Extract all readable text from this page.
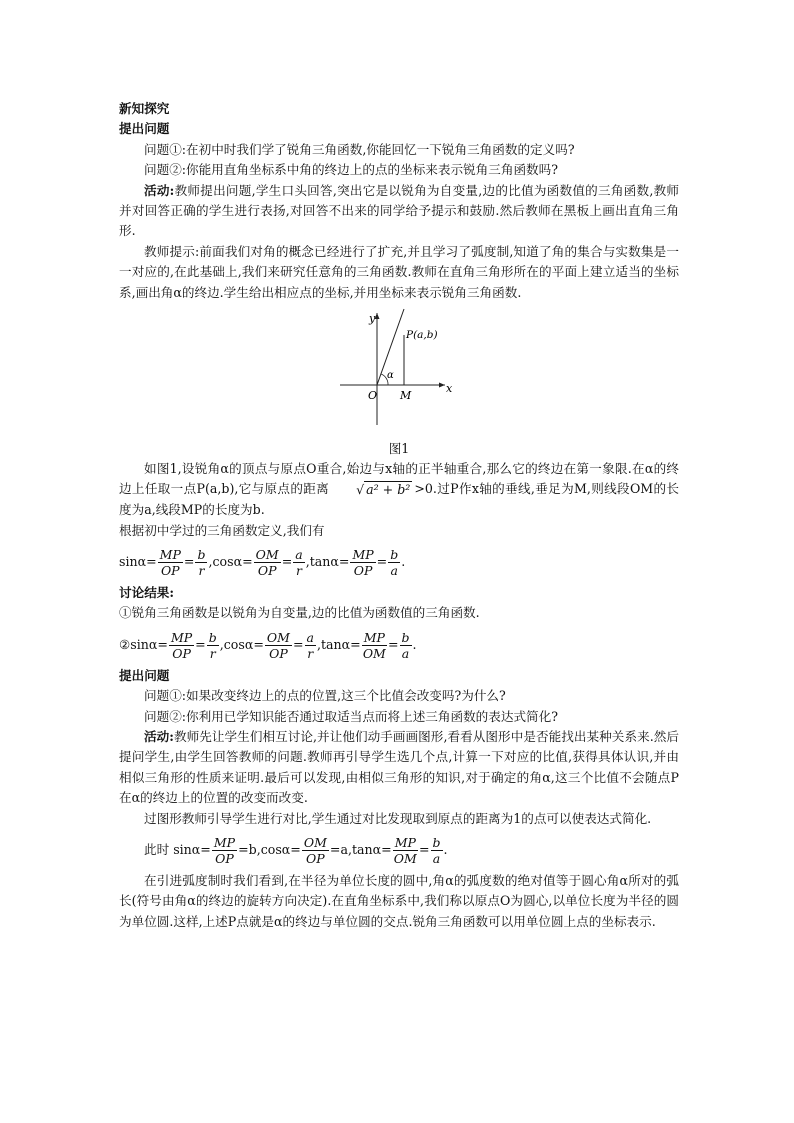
新知探究
提出问题

问题①:在初中时我们学了锐角三角函数,你能回忆一下锐角三角函数的定义吗?

问题②:你能用直角坐标系中角的终边上的点的坐标来表示锐角三角函数吗?

活动:教师提出问题,学生口头回答,突出它是以锐角为自变量,边的比值为函数值的三角函数,教师并对回答正确的学生进行表扬,对回答不出来的同学给予提示和鼓励.然后教师在黑板上画出直角三角形.

教师提示:前面我们对角的概念已经进行了扩充,并且学习了弧度制,知道了角的集合与实数集是一一对应的,在此基础上,我们来研究任意角的三角函数.教师在直角三角形所在的平面上建立适当的坐标系,画出角α的终边.学生给出相应点的坐标,并用坐标来表示锐角三角函数.

y
x
O M
P(a,b)
α

图1

如图1,设锐角α的顶点与原点O重合,始边与x轴的正半轴重合,那么它的终边在第一象限.在α的终边上任取一点P(a,b),它与原点的距离 √ a² + b² >0.过P作x轴的垂线,垂足为M,则线段OM的长度为a,线段MP的长度为b.

根据初中学过的三角函数定义,我们有

$\sin\alpha= \frac{MP}{OP} = \frac{b}{r} ,\cos\alpha= \frac{OM}{OP} = \frac{a}{r} ,\tan\alpha= \frac{MP}{OP} = \frac{b}{a}$ .
讨论结果:

①锐角三角函数是以锐角为自变量,边的比值为函数值的三角函数.

②sinα= $\frac{MP}{OP} = \frac{b}{r} ,\cos\alpha= \frac{OM}{OP} = \frac{a}{r} ,\tan\alpha= \frac{MP}{OM} = \frac{b}{a}$ .
提出问题

问题①:如果改变终边上的点的位置,这三个比值会改变吗?为什么?

问题②:你利用已学知识能否通过取适当点而将上述三角函数的表达式简化?

活动:教师先让学生们相互讨论,并让他们动手画画图形,看看从图形中是否能找出某种关系来.然后提问学生,由学生回答教师的问题.教师再引导学生选几个点,计算一下对应的比值,获得具体认识,并由相似三角形的性质来证明.最后可以发现,由相似三角形的知识,对于确定的角α,这三个比值不会随点P在α的终边上的位置的改变而改变.

过图形教师引导学生进行对比,学生通过对比发现取到原点的距离为1的点可以使表达式简化.

此时 $\sin\alpha= \frac{MP}{OP} =b,\cos\alpha= \frac{OM}{OP} =a,\tan\alpha= \frac{MP}{OM} = \frac{b}{a}$ .

在引进弧度制时我们看到,在半径为单位长度的圆中,角α的弧度数的绝对值等于圆心角α所对的弧长(符号由角α的终边的旋转方向决定).在直角坐标系中,我们称以原点O为圆心,以单位长度为半径的圆为单位圆.这样,上述P点就是α的终边与单位圆的交点.锐角三角函数可以用单位圆上点的坐标表示.
